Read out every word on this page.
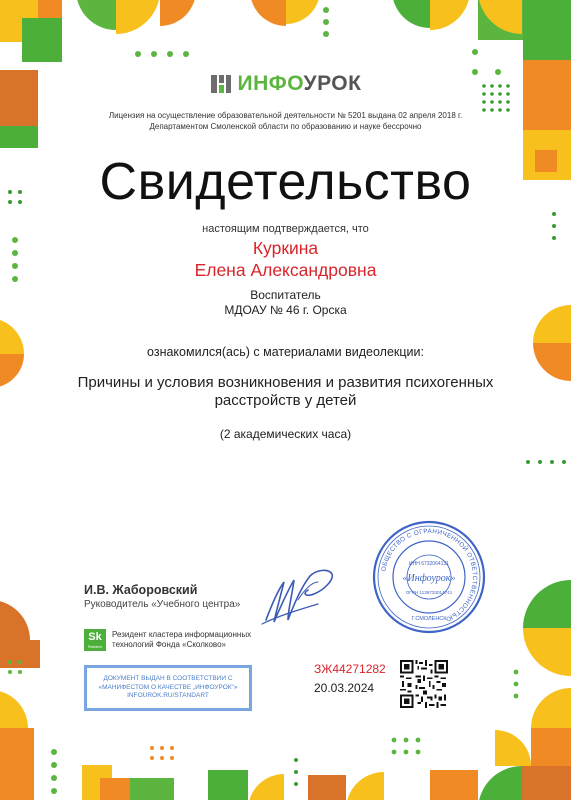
ИНФОУРОК
Лицензия на осуществление образовательной деятельности № 5201 выдана 02 апреля 2018 г.
Департаментом Смоленской области по образованию и науке бессрочно
Свидетельство
настоящим подтверждается, что
Куркина
Елена Александровна
Воспитатель
МДОАУ № 46 г. Орска
ознакомился(ась) с материалами видеолекции:
Причины и условия возникновения и развития психогенных
расстройств у детей
(2 академических часа)
И.В. Жаборовский
Руководитель «Учебного центра»
Sk
Resident
Резидент кластера информационных
технологий Фонда «Сколково»
ДОКУМЕНТ ВЫДАН В СООТВЕТСТВИИ С
«МАНИФЕСТОМ О КАЧЕСТВЕ „ИНФОУРОК"»
INFOUROK.RU/STANDART
ЗЖ44271282
20.03.2024
ОБЩЕСТВО С ОГРАНИЧЕННОЙ ОТВЕТСТВЕННОСТЬЮ
ИНН 6732064131
«Инфоурок»
ОГРН 1136733014741
Г.СМОЛЕНСК
